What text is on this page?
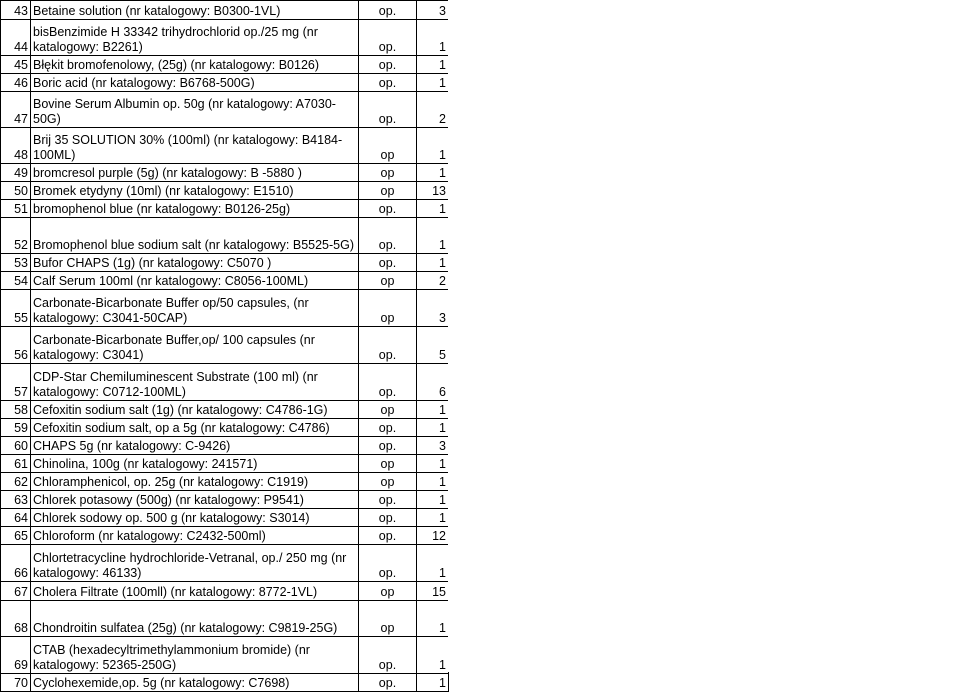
43	Betaine solution (nr katalogowy: B0300-1VL)	op.	3
44	bisBenzimide H 33342 trihydrochlorid op./25 mg (nr katalogowy: B2261)	op.	1
45	Błękit bromofenolowy, (25g) (nr katalogowy: B0126)	op.	1
46	Boric acid (nr katalogowy: B6768-500G)	op.	1
47	Bovine Serum Albumin op. 50g (nr katalogowy: A7030-50G)	op.	2
48	Brij 35 SOLUTION 30% (100ml) (nr katalogowy: B4184-100ML)	op	1
49	bromcresol purple (5g) (nr katalogowy: B -5880 )	op	1
50	Bromek etydyny (10ml) (nr katalogowy: E1510)	op	13
51	bromophenol blue (nr katalogowy: B0126-25g)	op.	1
52	Bromophenol blue sodium salt (nr katalogowy: B5525-5G)	op.	1
53	Bufor CHAPS (1g) (nr katalogowy: C5070 )	op.	1
54	Calf Serum 100ml (nr katalogowy: C8056-100ML)	op	2
55	Carbonate-Bicarbonate Buffer op/50 capsules, (nr katalogowy: C3041-50CAP)	op	3
56	Carbonate-Bicarbonate Buffer,op/ 100 capsules (nr katalogowy: C3041)	op.	5
57	CDP-Star Chemiluminescent Substrate (100 ml) (nr katalogowy: C0712-100ML)	op.	6
58	Cefoxitin sodium salt (1g) (nr katalogowy: C4786-1G)	op	1
59	Cefoxitin sodium salt, op a 5g (nr katalogowy: C4786)	op.	1
60	CHAPS 5g (nr katalogowy: C-9426)	op.	3
61	Chinolina, 100g (nr katalogowy: 241571)	op	1
62	Chloramphenicol, op. 25g (nr katalogowy: C1919)	op	1
63	Chlorek potasowy (500g) (nr katalogowy: P9541)	op.	1
64	Chlorek sodowy op. 500 g (nr katalogowy: S3014)	op.	1
65	Chloroform (nr katalogowy: C2432-500ml)	op.	12
66	Chlortetracycline hydrochloride-Vetranal, op./ 250 mg (nr katalogowy: 46133)	op.	1
67	Cholera Filtrate (100mll) (nr katalogowy: 8772-1VL)	op	15
68	Chondroitin sulfatea (25g) (nr katalogowy: C9819-25G)	op	1
69	CTAB (hexadecyltrimethylammonium bromide) (nr katalogowy: 52365-250G)	op.	1
70	Cyclohexemide,op. 5g (nr katalogowy: C7698)	op.	1
